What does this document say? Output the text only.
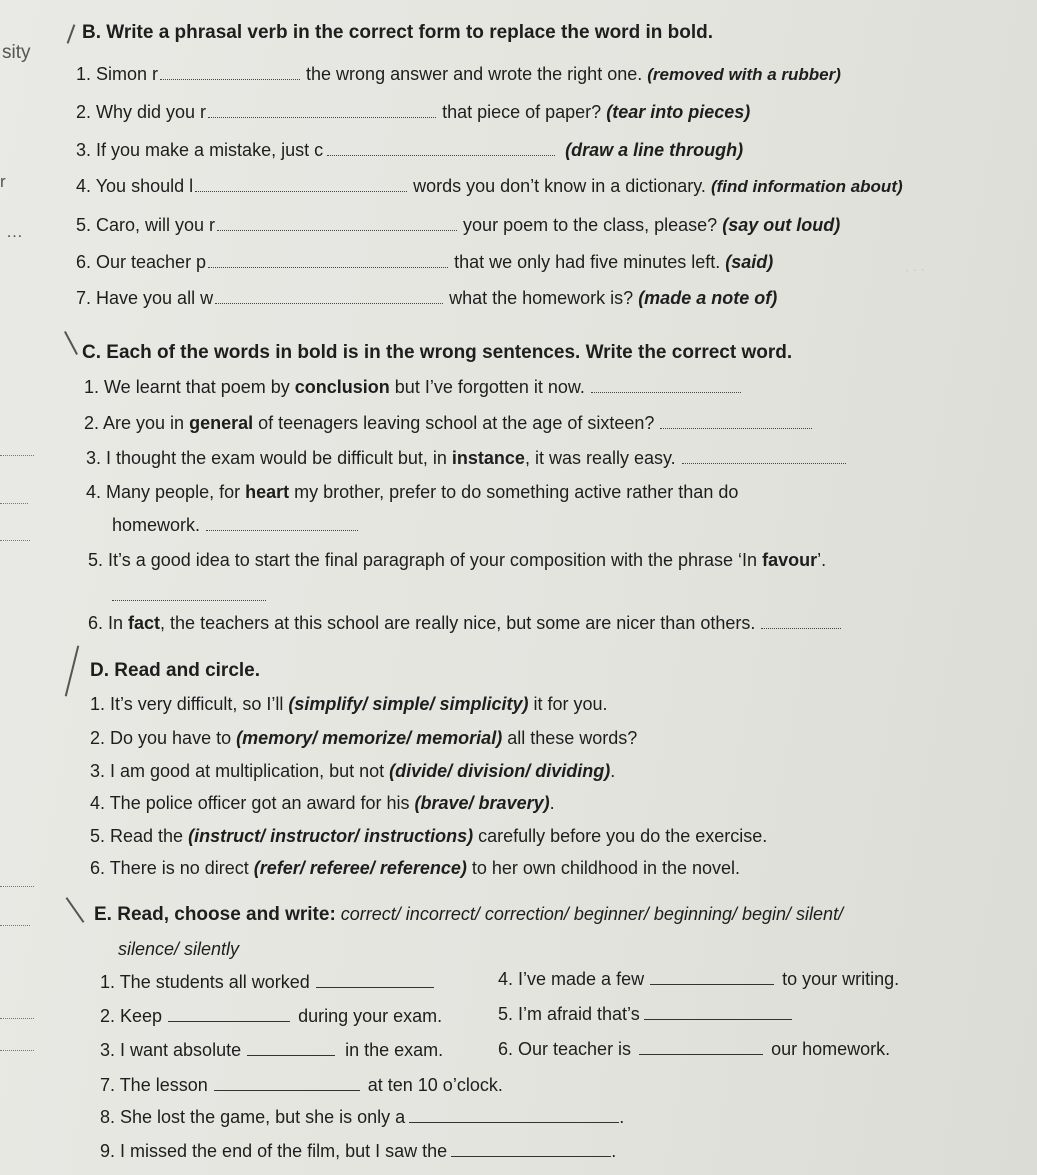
sity
r
…
. . .
B. Write a phrasal verb in the correct form to replace the word in bold.
1. Simon r	the wrong answer and wrote the right one. (removed with a rubber)
2. Why did you r	that piece of paper? (tear into pieces)
3. If you make a mistake, just c	(draw a line through)
4. You should l	words you don’t know in a dictionary. (find information about)
5. Caro, will you r	your poem to the class, please? (say out loud)
6. Our teacher p	that we only had five minutes left. (said)
7. Have you all w	what the homework is? (made a note of)
C. Each of the words in bold is in the wrong sentences. Write the correct word.
1. We learnt that poem by conclusion but I’ve forgotten it now.
2. Are you in general of teenagers leaving school at the age of sixteen?
3. I thought the exam would be difficult but, in instance, it was really easy.
4. Many people, for heart my brother, prefer to do something active rather than do
homework.
5. It’s a good idea to start the final paragraph of your composition with the phrase ‘In favour’.
6. In fact, the teachers at this school are really nice, but some are nicer than others.
D. Read and circle.
1. It’s very difficult, so I’ll (simplify/ simple/ simplicity) it for you.
2. Do you have to (memory/ memorize/ memorial) all these words?
3. I am good at multiplication, but not (divide/ division/ dividing).
4. The police officer got an award for his (brave/ bravery).
5. Read the (instruct/ instructor/ instructions) carefully before you do the exercise.
6. There is no direct (refer/ referee/ reference) to her own childhood in the novel.
E. Read, choose and write: correct/ incorrect/ correction/ beginner/ beginning/ begin/ silent/
silence/ silently
1. The students all worked
2. Keep	during your exam.
3. I want absolute	in the exam.
4. I’ve made a few	to your writing.
5. I’m afraid that’s
6. Our teacher is	our homework.
7. The lesson	at ten 10 o’clock.
8. She lost the game, but she is only a	.
9. I missed the end of the film, but I saw the	.
